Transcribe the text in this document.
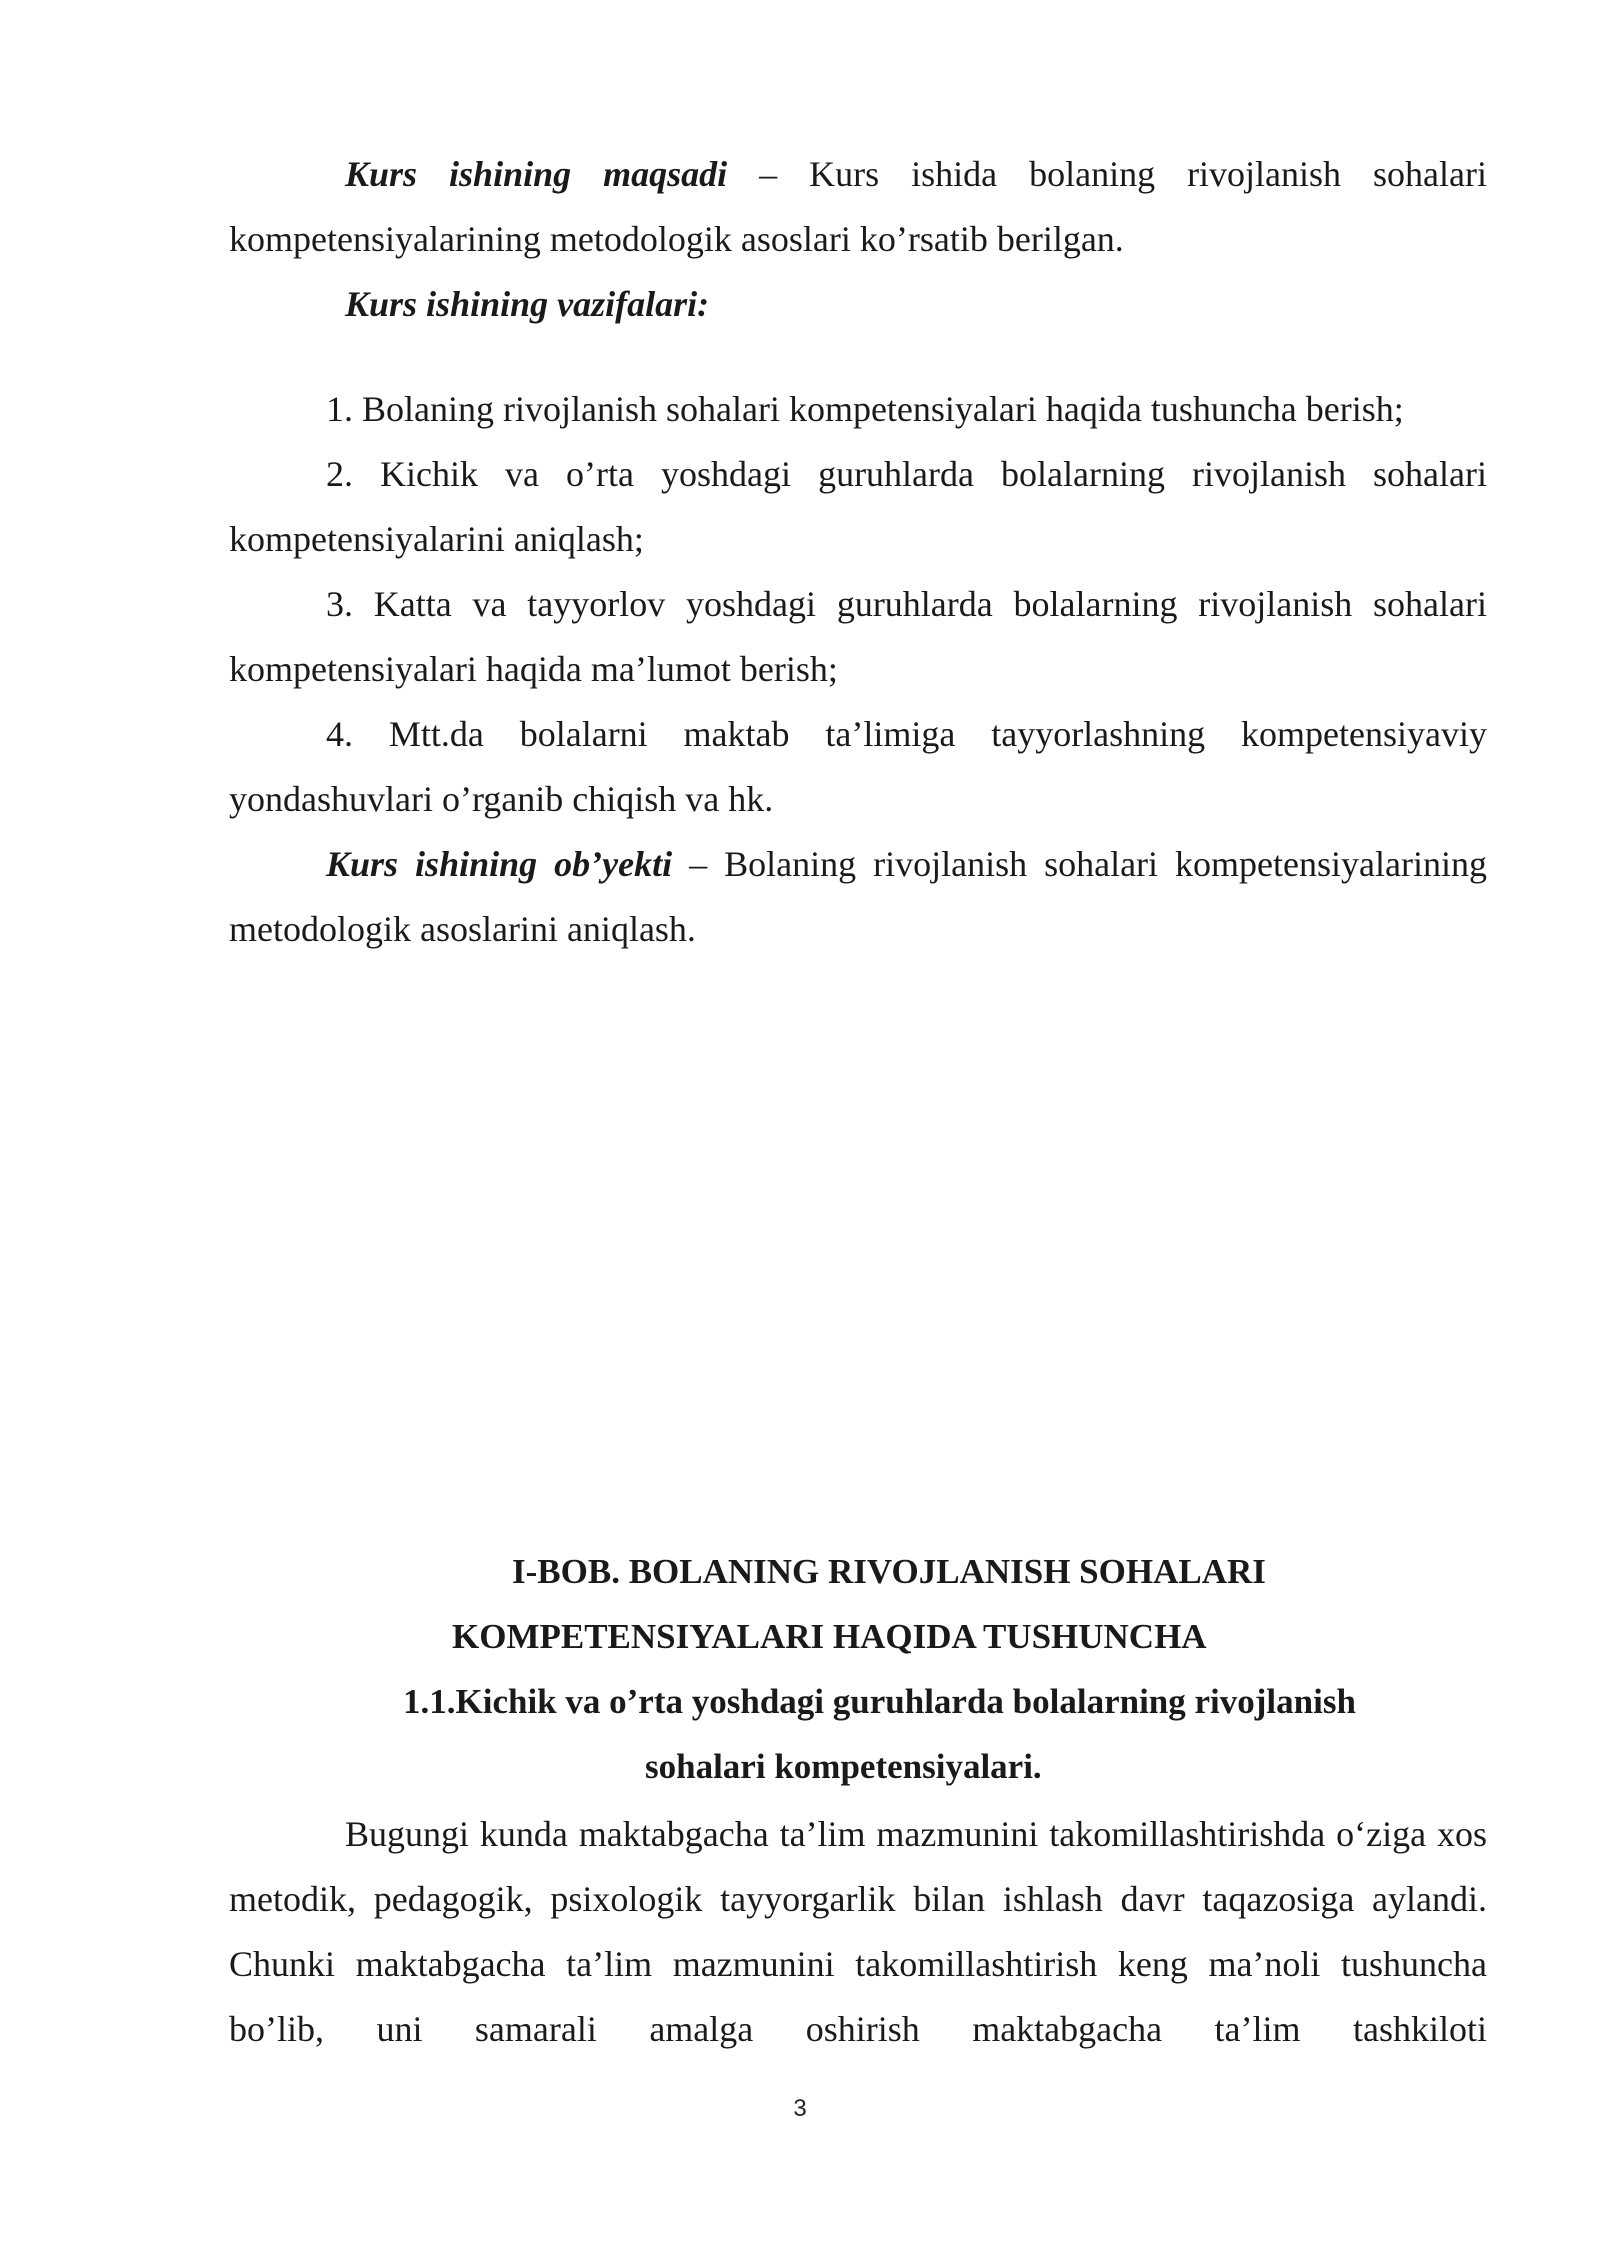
Kurs ishining maqsadi – Kurs ishida bolaning rivojlanish sohalari kompetensiyalarining metodologik asoslari ko’rsatib berilgan.

Kurs ishining vazifalari:

1. Bolaning rivojlanish sohalari kompetensiyalari haqida tushuncha berish;

2. Kichik va o’rta yoshdagi guruhlarda bolalarning rivojlanish sohalari kompetensiyalarini aniqlash;

3. Katta va tayyorlov yoshdagi guruhlarda bolalarning rivojlanish sohalari kompetensiyalari haqida ma’lumot berish;

4. Mtt.da bolalarni maktab ta’limiga tayyorlashning kompetensiyaviy yondashuvlari o’rganib chiqish va hk.

Kurs ishining ob’yekti – Bolaning rivojlanish sohalari kompetensiyalarining metodologik asoslarini aniqlash.

I-BOB. BOLANING RIVOJLANISH SOHALARI

KOMPETENSIYALARI HAQIDA TUSHUNCHA

1.1.Kichik va o’rta yoshdagi guruhlarda bolalarning rivojlanish

sohalari kompetensiyalari.

Bugungi kunda maktabgacha ta’lim mazmunini takomillashtirishda o‘ziga xos metodik, pedagogik, psixologik tayyorgarlik bilan ishlash davr taqazosiga aylandi. Chunki maktabgacha ta’lim mazmunini takomillashtirish keng ma’noli tushuncha bo’lib, uni samarali amalga oshirish maktabgacha ta’lim tashkiloti

3
